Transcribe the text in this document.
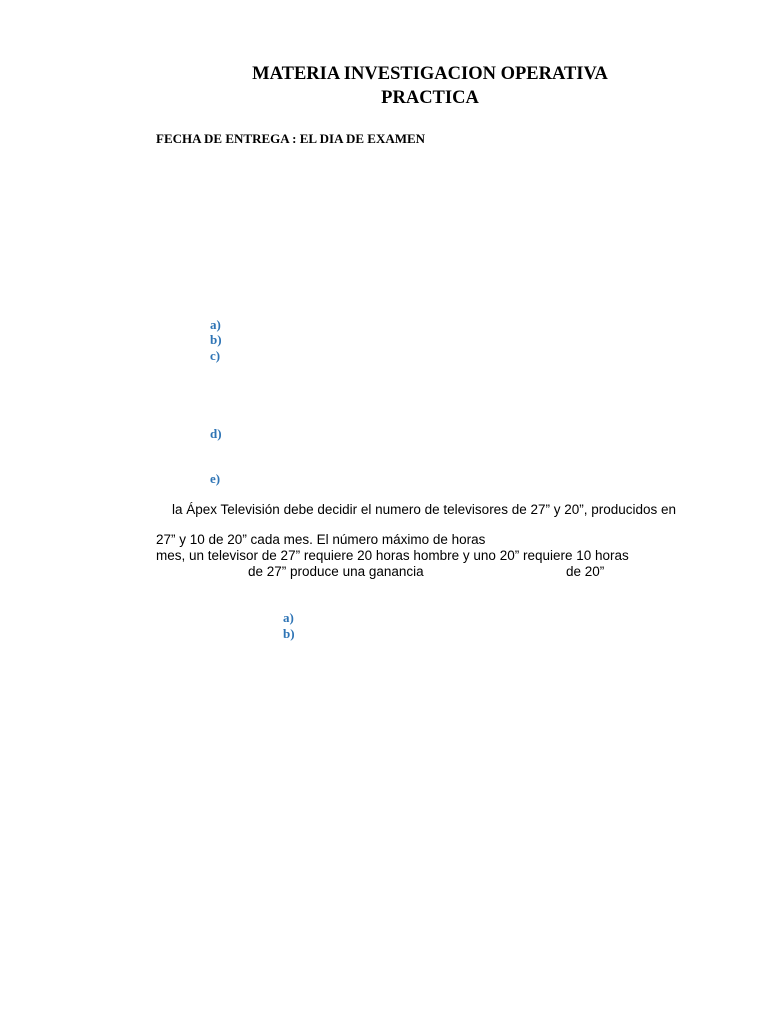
MATERIA INVESTIGACION OPERATIVA
PRACTICA
FECHA DE ENTREGA : EL DIA DE EXAMEN
a)
b)
c)
d)
e)
la Ápex Televisión debe decidir el numero de televisores de 27” y 20”, producidos en
27” y 10 de 20” cada mes. El número máximo de horas
mes, un televisor de 27” requiere 20 horas hombre y uno 20” requiere 10 horas
de 27” produce una ganancia	de 20”
a)
b)
